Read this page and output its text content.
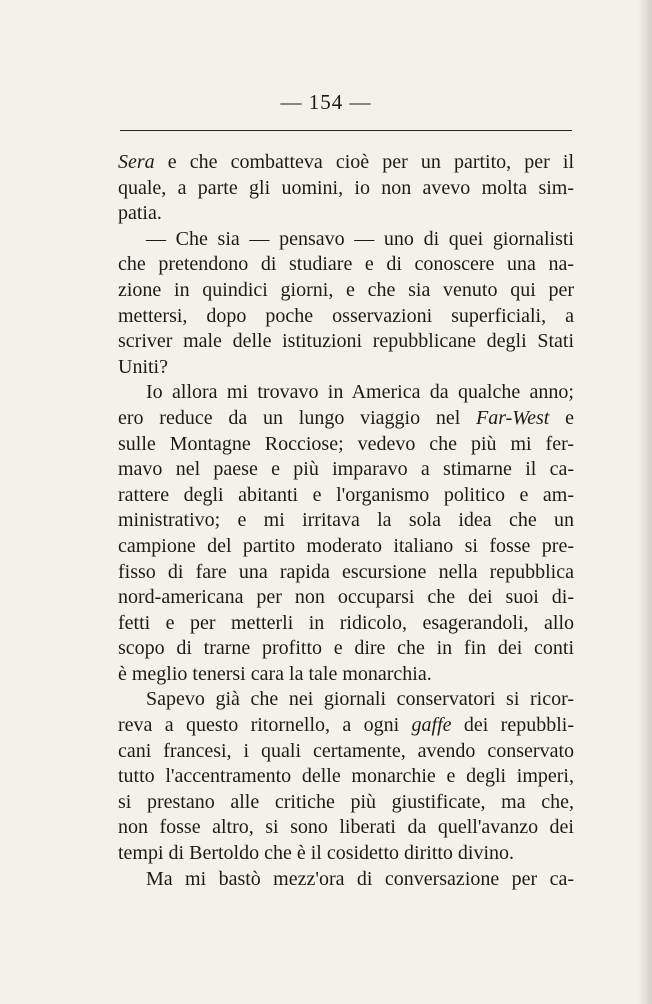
— 154 —
Sera e che combatteva cioè per un partito, per il
quale, a parte gli uomini, io non avevo molta sim-
patia.
— Che sia — pensavo — uno di quei giornalisti
che pretendono di studiare e di conoscere una na-
zione in quindici giorni, e che sia venuto qui per
mettersi, dopo poche osservazioni superficiali, a
scriver male delle istituzioni repubblicane degli Stati
Uniti?
Io allora mi trovavo in America da qualche anno;
ero reduce da un lungo viaggio nel Far-West e
sulle Montagne Rocciose; vedevo che più mi fer-
mavo nel paese e più imparavo a stimarne il ca-
rattere degli abitanti e l'organismo politico e am-
ministrativo; e mi irritava la sola idea che un
campione del partito moderato italiano si fosse pre-
fisso di fare una rapida escursione nella repubblica
nord-americana per non occuparsi che dei suoi di-
fetti e per metterli in ridicolo, esagerandoli, allo
scopo di trarne profitto e dire che in fin dei conti
è meglio tenersi cara la tale monarchia.
Sapevo già che nei giornali conservatori si ricor-
reva a questo ritornello, a ogni gaffe dei repubbli-
cani francesi, i quali certamente, avendo conservato
tutto l'accentramento delle monarchie e degli imperi,
si prestano alle critiche più giustificate, ma che,
non fosse altro, si sono liberati da quell'avanzo dei
tempi di Bertoldo che è il cosidetto diritto divino.
Ma mi bastò mezz'ora di conversazione per ca-
